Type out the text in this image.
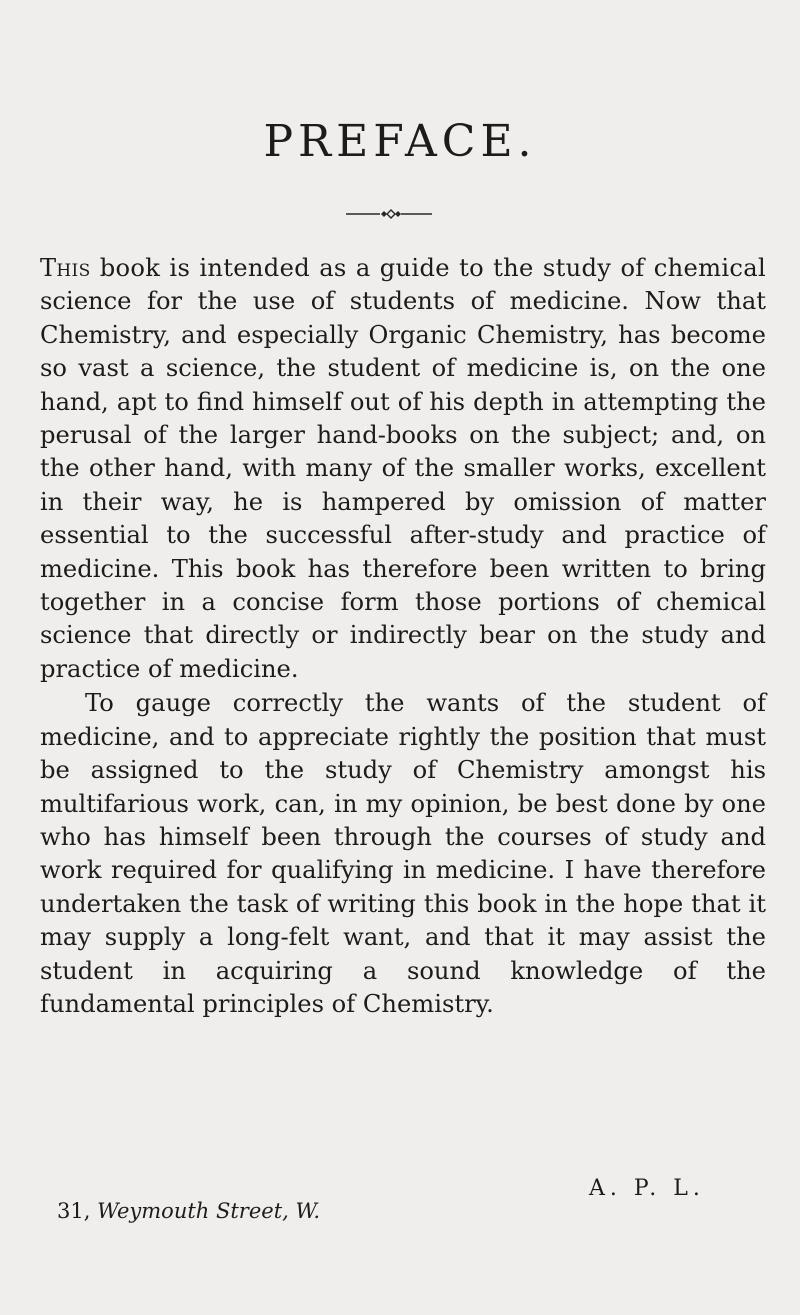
PREFACE.

This book is intended as a guide to the study of chemical science for the use of students of medicine. Now that Chemistry, and especially Organic Chemistry, has become so vast a science, the student of medicine is, on the one hand, apt to find himself out of his depth in attempting the perusal of the larger hand-books on the subject; and, on the other hand, with many of the smaller works, excellent in their way, he is hampered by omission of matter essential to the successful after-study and practice of medicine. This book has therefore been written to bring together in a concise form those portions of chemical science that directly or indirectly bear on the study and practice of medicine.

To gauge correctly the wants of the student of medicine, and to appreciate rightly the position that must be assigned to the study of Chemistry amongst his multifarious work, can, in my opinion, be best done by one who has himself been through the courses of study and work required for qualifying in medicine. I have therefore undertaken the task of writing this book in the hope that it may supply a long-felt want, and that it may assist the student in acquiring a sound knowledge of the fundamental principles of Chemistry.

31, Weymouth Street, W.
A. P. L.
